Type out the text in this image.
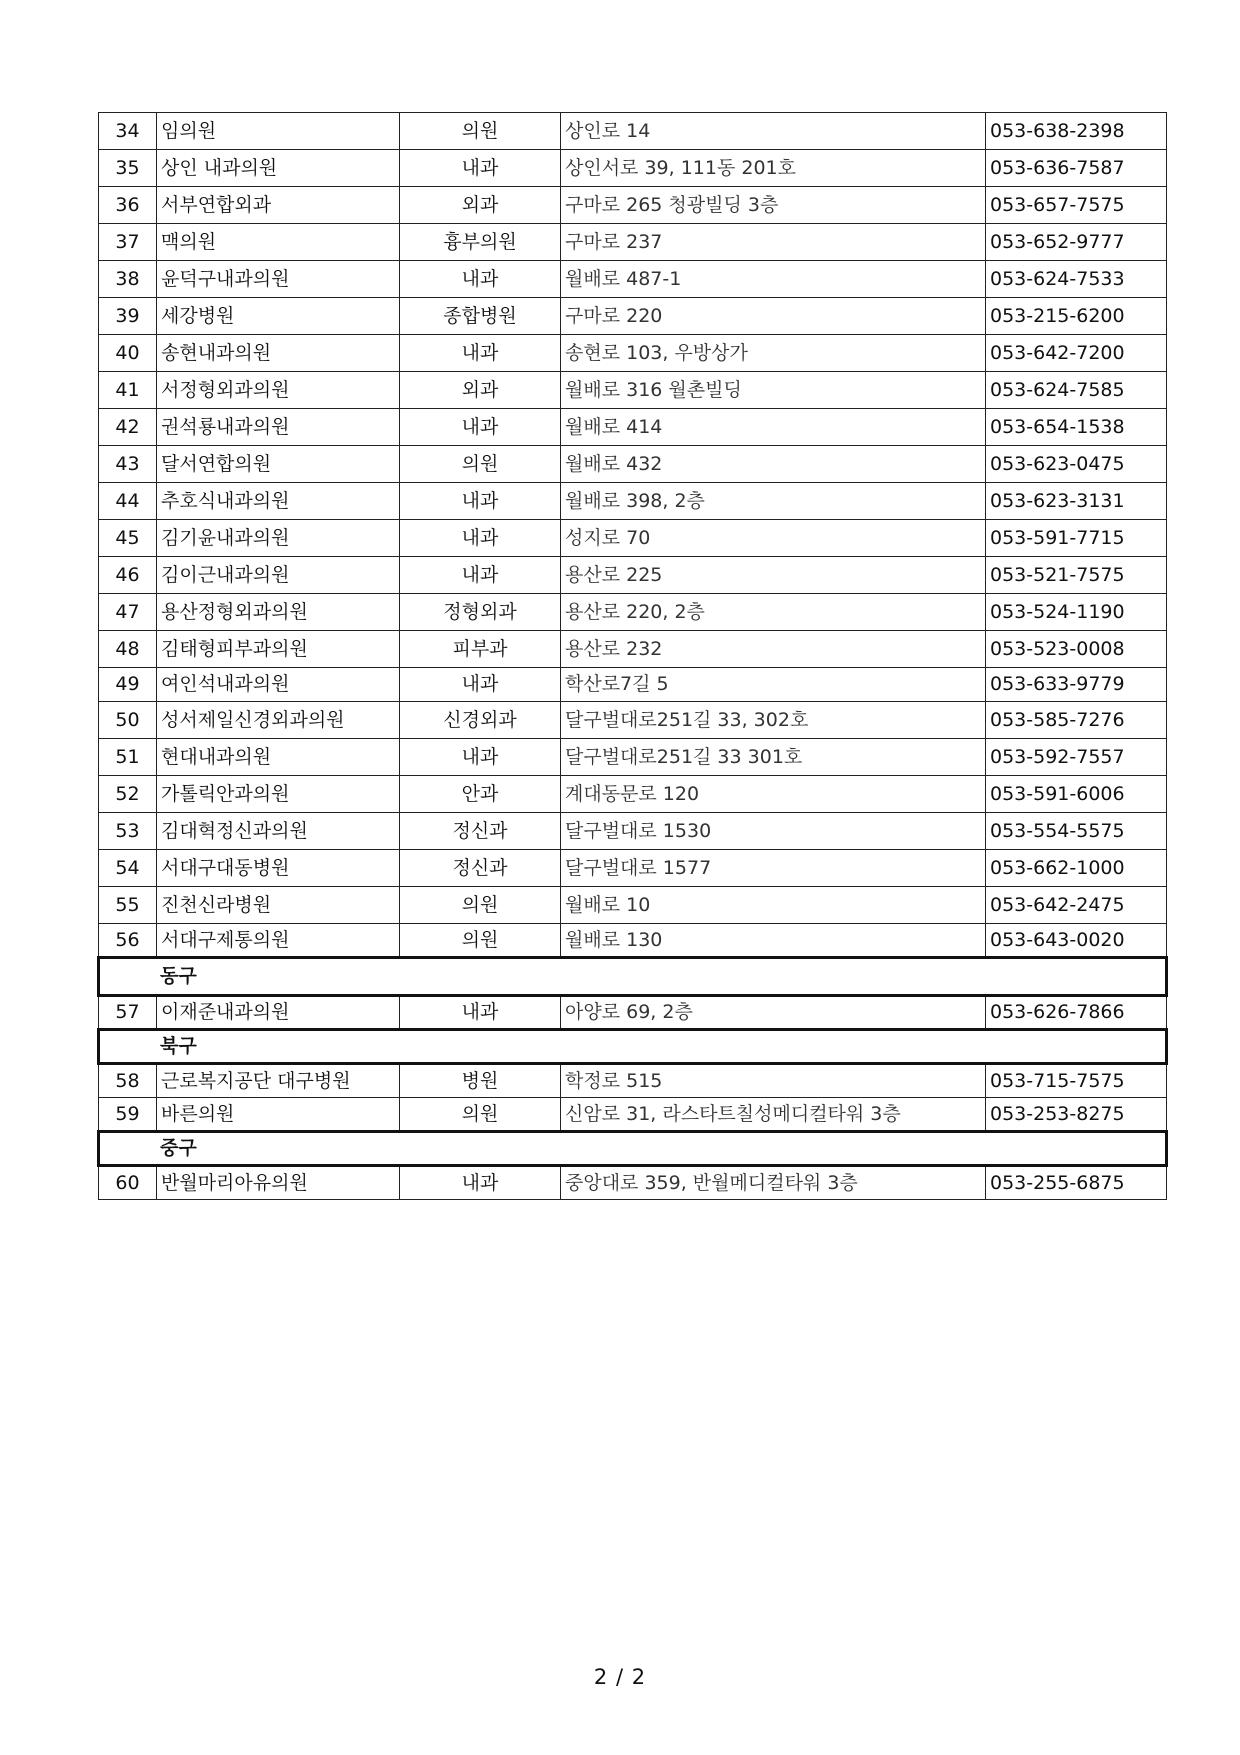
34	임의원	의원	상인로 14	053-638-2398
35	상인 내과의원	내과	상인서로 39, 111동 201호	053-636-7587
36	서부연합외과	외과	구마로 265 청광빌딩 3층	053-657-7575
37	맥의원	흉부의원	구마로 237	053-652-9777
38	윤덕구내과의원	내과	월배로 487-1	053-624-7533
39	세강병원	종합병원	구마로 220	053-215-6200
40	송현내과의원	내과	송현로 103, 우방상가	053-642-7200
41	서정형외과의원	외과	월배로 316 월촌빌딩	053-624-7585
42	권석룡내과의원	내과	월배로 414	053-654-1538
43	달서연합의원	의원	월배로 432	053-623-0475
44	추호식내과의원	내과	월배로 398, 2층	053-623-3131
45	김기윤내과의원	내과	성지로 70	053-591-7715
46	김이근내과의원	내과	용산로 225	053-521-7575
47	용산정형외과의원	정형외과	용산로 220, 2층	053-524-1190
48	김태형피부과의원	피부과	용산로 232	053-523-0008
49	여인석내과의원	내과	학산로7길 5	053-633-9779
50	성서제일신경외과의원	신경외과	달구벌대로251길 33, 302호	053-585-7276
51	현대내과의원	내과	달구벌대로251길 33 301호	053-592-7557
52	가톨릭안과의원	안과	계대동문로 120	053-591-6006
53	김대혁정신과의원	정신과	달구벌대로 1530	053-554-5575
54	서대구대동병원	정신과	달구벌대로 1577	053-662-1000
55	진천신라병원	의원	월배로 10	053-642-2475
56	서대구제통의원	의원	월배로 130	053-643-0020
동구				
57	이재준내과의원	내과	아양로 69, 2층	053-626-7866
북구				
58	근로복지공단 대구병원	병원	학정로 515	053-715-7575
59	바른의원	의원	신암로 31, 라스타트칠성메디컬타워 3층	053-253-8275
중구				
60	반월마리아유의원	내과	중앙대로 359, 반월메디컬타워 3층	053-255-6875
2 / 2
